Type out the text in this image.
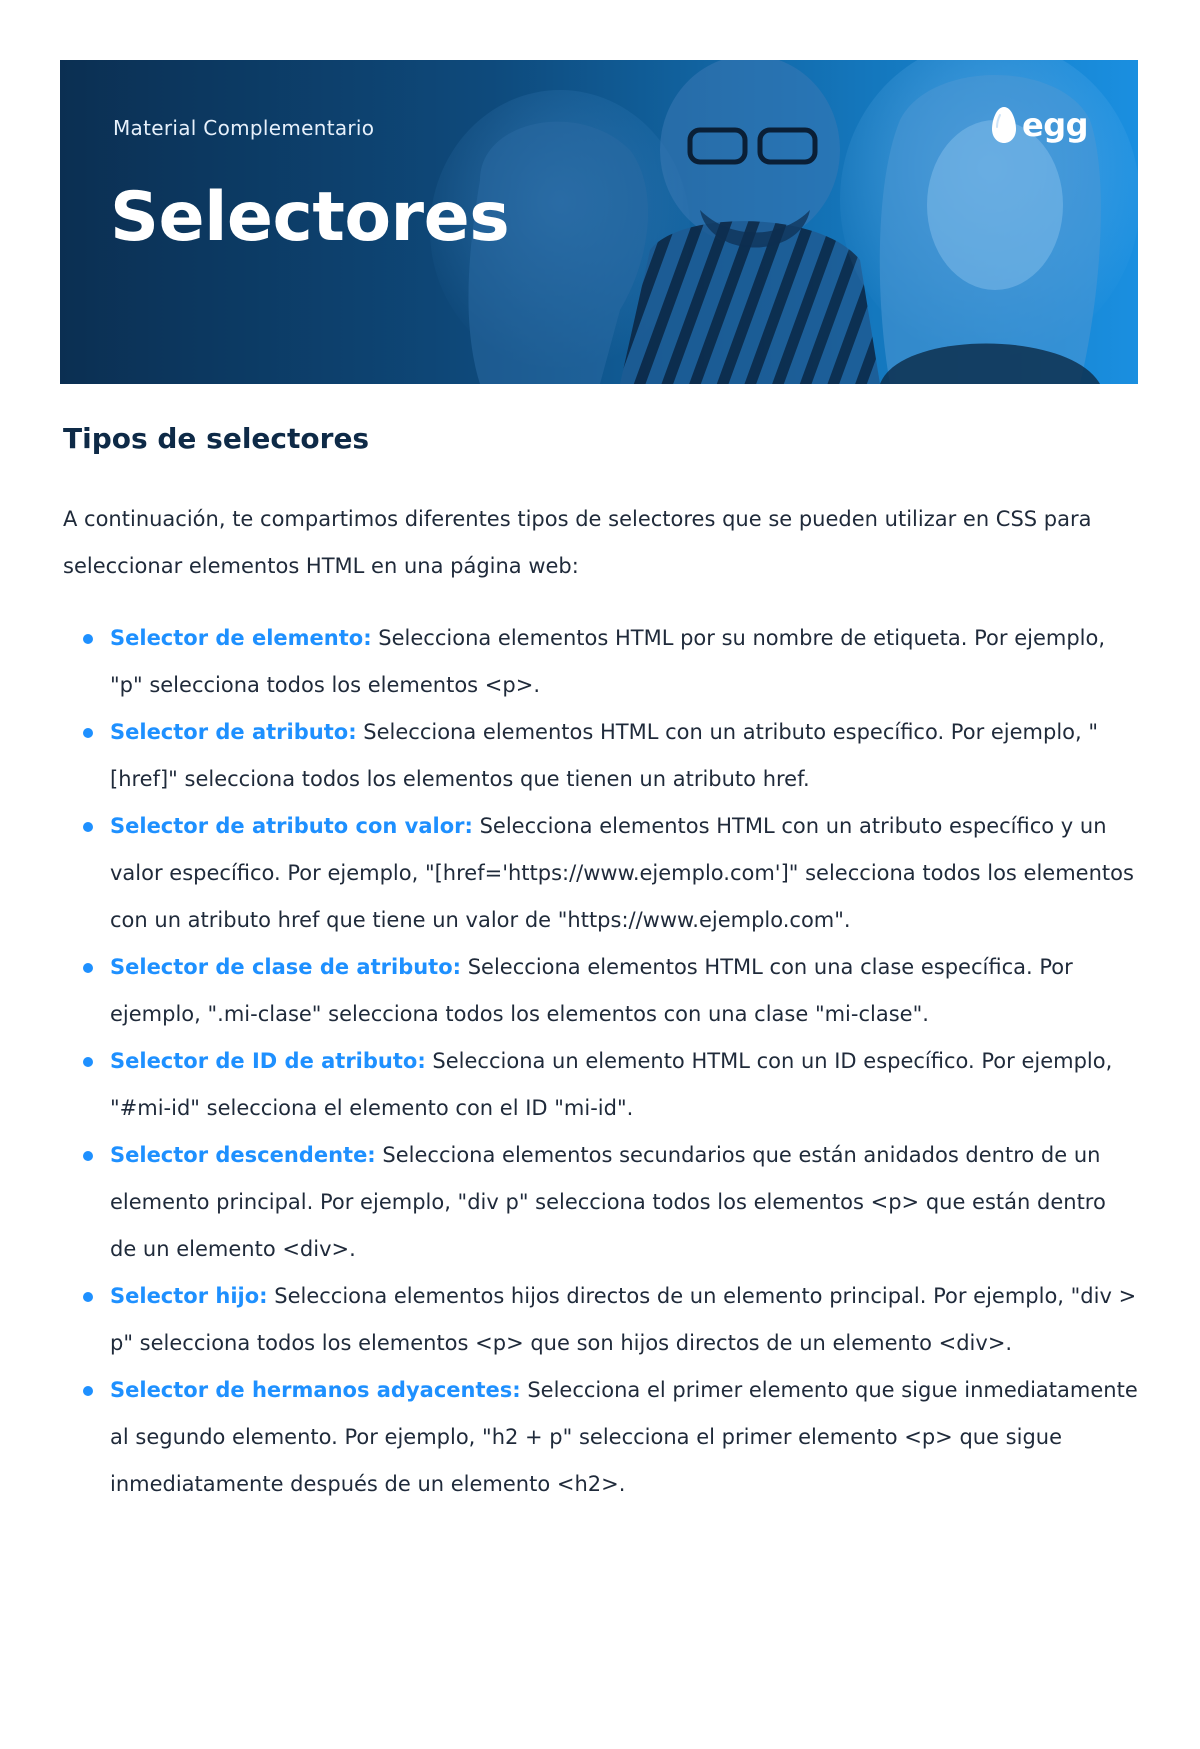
Material Complementario
Selectores
egg
Tipos de selectores

A continuación, te compartimos diferentes tipos de selectores que se pueden utilizar en CSS para seleccionar elementos HTML en una página web:

Selector de elemento: Selecciona elementos HTML por su nombre de etiqueta. Por ejemplo, "p" selecciona todos los elementos <p>.
Selector de atributo: Selecciona elementos HTML con un atributo específico. Por ejemplo, "[href]" selecciona todos los elementos que tienen un atributo href.
Selector de atributo con valor: Selecciona elementos HTML con un atributo específico y un valor específico. Por ejemplo, "[href='https://www.ejemplo.com']" selecciona todos los elementos con un atributo href que tiene un valor de "https://www.ejemplo.com".
Selector de clase de atributo: Selecciona elementos HTML con una clase específica. Por ejemplo, ".mi-clase" selecciona todos los elementos con una clase "mi-clase".
Selector de ID de atributo: Selecciona un elemento HTML con un ID específico. Por ejemplo, "#mi-id" selecciona el elemento con el ID "mi-id".
Selector descendente: Selecciona elementos secundarios que están anidados dentro de un elemento principal. Por ejemplo, "div p" selecciona todos los elementos <p> que están dentro de un elemento <div>.
Selector hijo: Selecciona elementos hijos directos de un elemento principal. Por ejemplo, "div > p" selecciona todos los elementos <p> que son hijos directos de un elemento <div>.
Selector de hermanos adyacentes: Selecciona el primer elemento que sigue inmediatamente al segundo elemento. Por ejemplo, "h2 + p" selecciona el primer elemento <p> que sigue inmediatamente después de un elemento <h2>.
